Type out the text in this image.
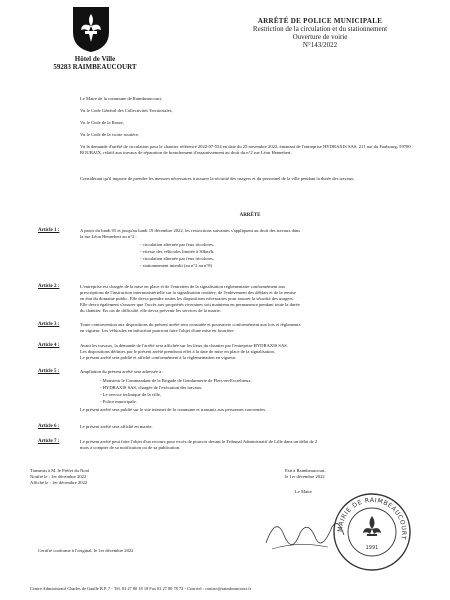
Hôtel de Ville
59283 RAIMBEAUCOURT
ARRÊTÉ DE POLICE MUNICIPALE
Restriction de la circulation et du stationnement
Ouverture de voirie
N°143/2022
Le Maire de la commune de Raimbeaucourt,
Vu le Code Général des Collectivités Territoriales,
Vu le Code de la Route,
Vu le Code de la voirie routière,
Vu la demande d'arrêté de circulation pour le chantier référencé 2022-07-554 en date du 25 novembre 2022, émanant de l'entreprise HYDRAXIS SAS, 211 rue du Faubourg, 59700 ROUBAIX, relatif aux travaux de réparation de branchement d'assainissement au droit du n°2 rue Léon Hennebert.
Considérant qu'il importe de prendre les mesures nécessaires à assurer la sécurité des usagers et du personnel de la ville pendant la durée des travaux.
ARRÊTE
Article 1 :	A partir du lundi 05 et jusqu'au lundi 19 décembre 2022, les restrictions suivantes s'appliquent au droit des travaux dans
la rue Léon Hennebert au n°2 :
- circulation alternée par feux tricolores,
- vitesse des véhicules limitée à 30km/h,
- circulation alternée par feux tricolores,
- stationnement interdit (au n°2 au n°8)
Article 2 :	L'entreprise est chargée de la mise en place et de l'entretien de la signalisation réglementaire conformément aux
prescriptions de l'instruction interministérielle sur la signalisation routière, de l'enlèvement des déblais et de la remise
en état du domaine public. Elle devra prendre toutes les dispositions nécessaires pour assurer la sécurité des usagers.
Elle devra également s'assurer que l'accès aux propriétés riveraines soit maintenu en permanence pendant toute la durée
du chantier. En cas de difficulté, elle devra prévenir les services de la mairie.
Article 3 :	Toute contravention aux dispositions du présent arrêté sera constatée et poursuivie conformément aux lois et règlements
en vigueur. Les véhicules en infraction pourront faire l'objet d'une mise en fourrière.
Article 4 :	Avant les travaux, la demande de l'arrêté sera affichée sur les lieux du chantier par l'entreprise HYDRAXIS SAS.
Les dispositions définies par le présent arrêté prendront effet à la date de mise en place de la signalisation.
Le présent arrêté sera publié et affiché conformément à la réglementation en vigueur.
Article 5 :	Ampliation du présent arrêté sera adressée à :
- Monsieur le Commandant de la Brigade de Gendarmerie de Flers-en-Escrebieux,
- HYDRAXIS SAS, chargée de l'exécution des travaux,
- Le service technique de la ville,
- Police municipale.
Le présent arrêté sera publié sur le site internet de la commune et transmis aux personnes concernées.
Article 6 :	Le présent arrêté sera affiché en mairie.
Article 7 :	Le présent arrêté peut faire l'objet d'un recours pour excès de pouvoir devant le Tribunal Administratif de Lille dans un délai de 2
mois à compter de sa notification ou de sa publication.
Transmis à M. le Préfet du Nord
Notifié le : 1er décembre 2022
Affiché le : 1er décembre 2022
Fait à Raimbeaucourt,
le 1er décembre 2022
Le Maire
MAIRIE DE RAIMBEAUCOURT
1991
Certifié conforme à l'original, le 1er décembre 2022
Centre Administratif Charles de Gaulle B.P. 7 - Tél. 03 27 80 18 18 Fax 03 27 80 78 72 - Courriel : contact@raimbeaucourt.fr
